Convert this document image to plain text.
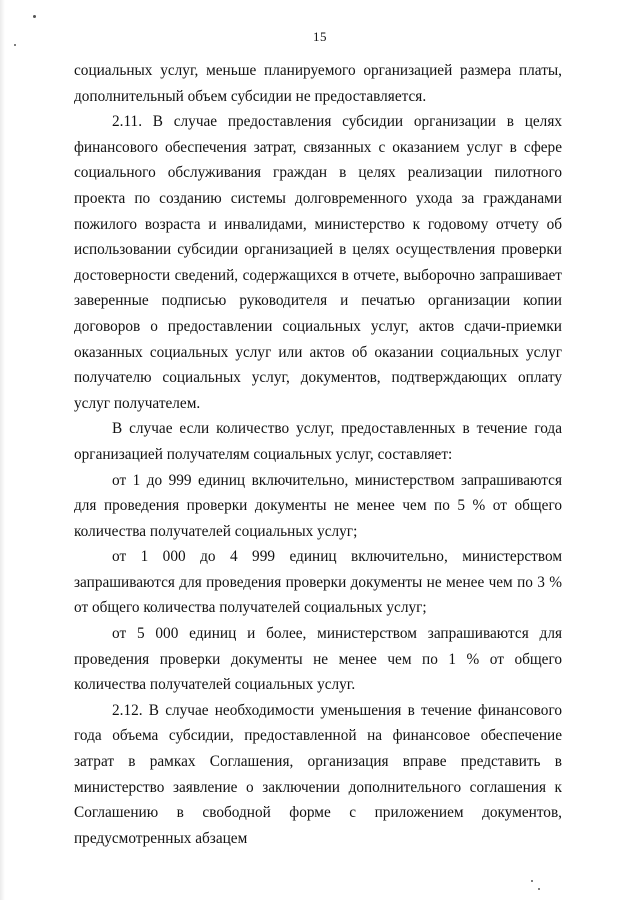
15

социальных услуг, меньше планируемого организацией размера платы, дополнительный объем субсидии не предоставляется.

2.11. В случае предоставления субсидии организации в целях финансового обеспечения затрат, связанных с оказанием услуг в сфере социального обслуживания граждан в целях реализации пилотного проекта по созданию системы долговременного ухода за гражданами пожилого возраста и инвалидами, министерство к годовому отчету об использовании субсидии организацией в целях осуществления проверки достоверности сведений, содержащихся в отчете, выборочно запрашивает заверенные подписью руководителя и печатью организации копии договоров о предоставлении социальных услуг, актов сдачи-приемки оказанных социальных услуг или актов об оказании социальных услуг получателю социальных услуг, документов, подтверждающих оплату услуг получателем.

В случае если количество услуг, предоставленных в течение года организацией получателям социальных услуг, составляет:

от 1 до 999 единиц включительно, министерством запрашиваются для проведения проверки документы не менее чем по 5 % от общего количества получателей социальных услуг;

от 1 000 до 4 999 единиц включительно, министерством запрашиваются для проведения проверки документы не менее чем по 3 % от общего количества получателей социальных услуг;

от 5 000 единиц и более, министерством запрашиваются для проведения проверки документы не менее чем по 1 % от общего количества получателей социальных услуг.

2.12. В случае необходимости уменьшения в течение финансового года объема субсидии, предоставленной на финансовое обеспечение затрат в рамках Соглашения, организация вправе представить в министерство заявление о заключении дополнительного соглашения к Соглашению в свободной форме с приложением документов, предусмотренных абзацем
